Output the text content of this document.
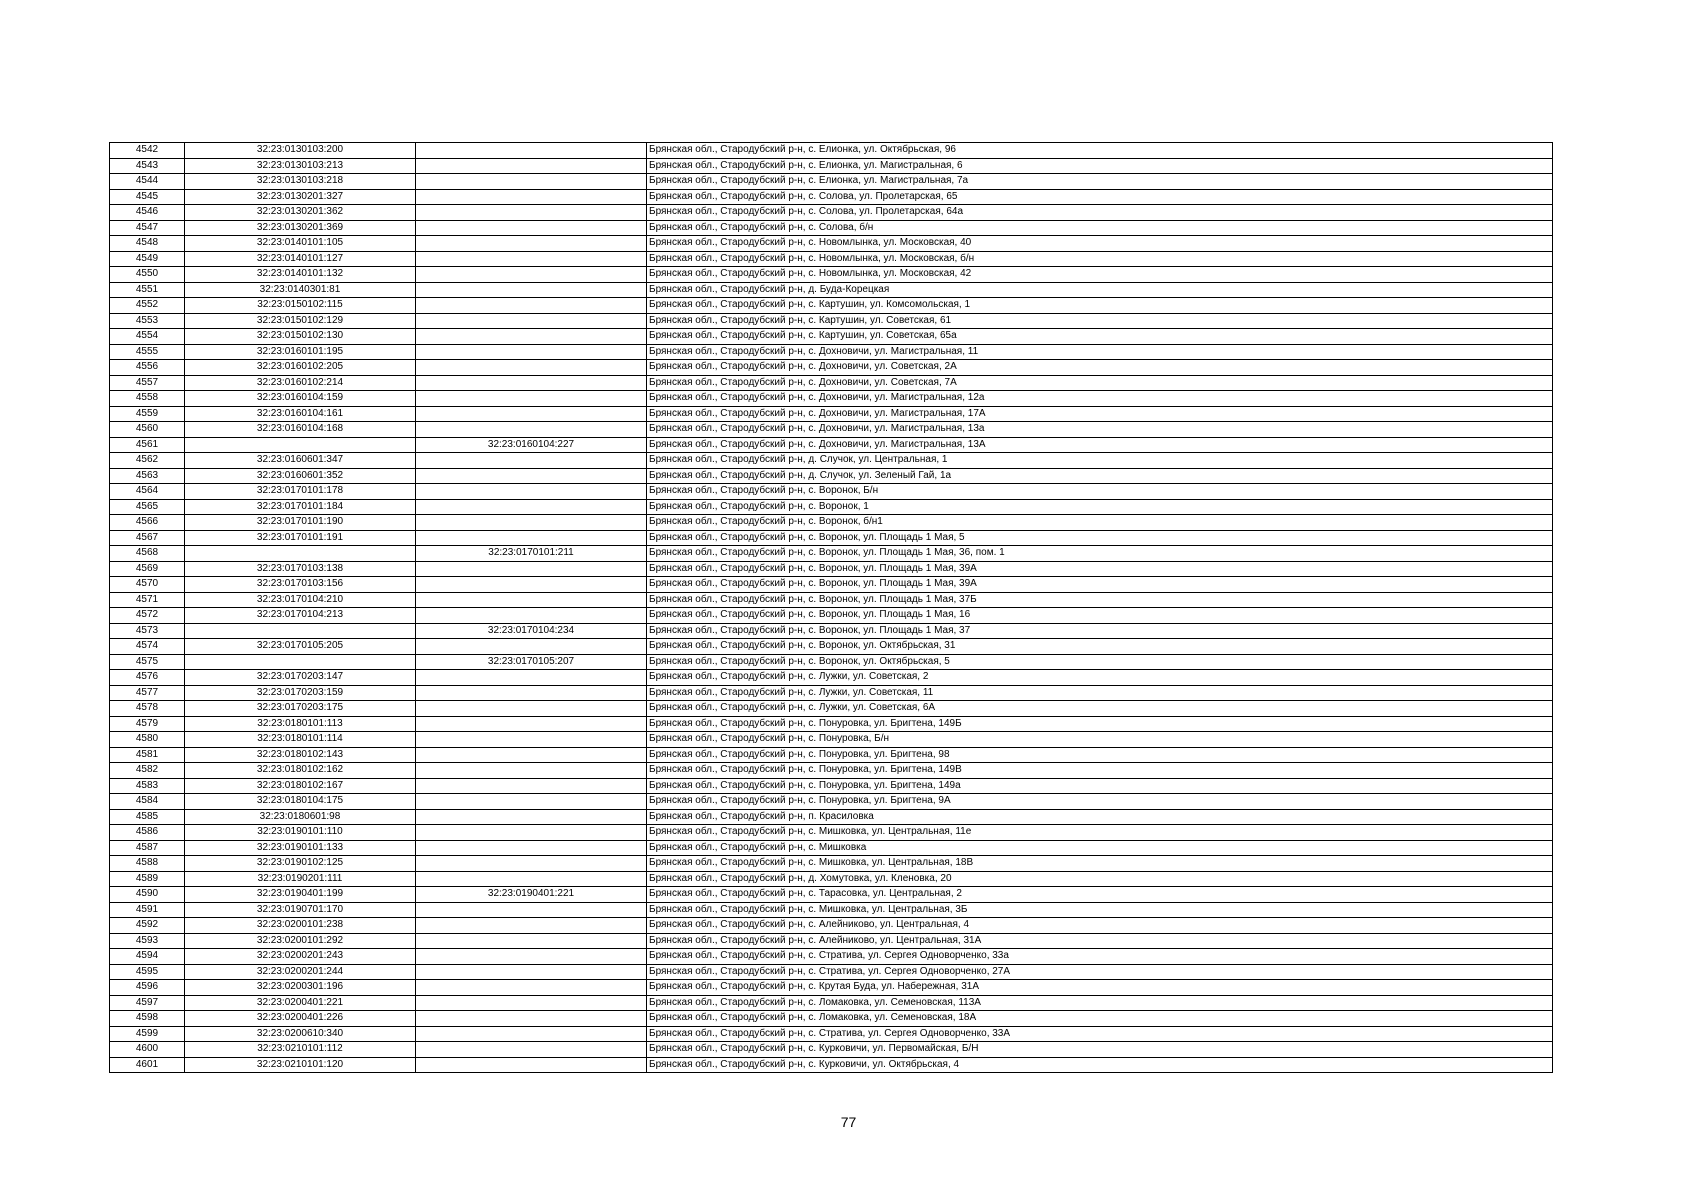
4542	32:23:0130103:200		Брянская обл., Стародубский р-н, с. Елионка, ул. Октябрьская, 96
4543	32:23:0130103:213		Брянская обл., Стародубский р-н, с. Елионка, ул. Магистральная, 6
4544	32:23:0130103:218		Брянская обл., Стародубский р-н, с. Елионка, ул. Магистральная, 7а
4545	32:23:0130201:327		Брянская обл., Стародубский р-н, с. Солова, ул. Пролетарская, 65
4546	32:23:0130201:362		Брянская обл., Стародубский р-н, с. Солова, ул. Пролетарская, 64а
4547	32:23:0130201:369		Брянская обл., Стародубский р-н, с. Солова, б/н
4548	32:23:0140101:105		Брянская обл., Стародубский р-н, с. Новомлынка, ул. Московская, 40
4549	32:23:0140101:127		Брянская обл., Стародубский р-н, с. Новомлынка, ул. Московская, б/н
4550	32:23:0140101:132		Брянская обл., Стародубский р-н, с. Новомлынка, ул. Московская, 42
4551	32:23:0140301:81		Брянская обл., Стародубский р-н, д. Буда-Корецкая
4552	32:23:0150102:115		Брянская обл., Стародубский р-н, с. Картушин, ул. Комсомольская, 1
4553	32:23:0150102:129		Брянская обл., Стародубский р-н, с. Картушин, ул. Советская, 61
4554	32:23:0150102:130		Брянская обл., Стародубский р-н, с. Картушин, ул. Советская, 65а
4555	32:23:0160101:195		Брянская обл., Стародубский р-н, с. Дохновичи, ул. Магистральная, 11
4556	32:23:0160102:205		Брянская обл., Стародубский р-н, с. Дохновичи, ул. Советская, 2А
4557	32:23:0160102:214		Брянская обл., Стародубский р-н, с. Дохновичи, ул. Советская, 7А
4558	32:23:0160104:159		Брянская обл., Стародубский р-н, с. Дохновичи, ул. Магистральная, 12а
4559	32:23:0160104:161		Брянская обл., Стародубский р-н, с. Дохновичи, ул. Магистральная, 17А
4560	32:23:0160104:168		Брянская обл., Стародубский р-н, с. Дохновичи, ул. Магистральная, 13а
4561		32:23:0160104:227	Брянская обл., Стародубский р-н, с. Дохновичи, ул. Магистральная, 13А
4562	32:23:0160601:347		Брянская обл., Стародубский р-н, д. Случок, ул. Центральная, 1
4563	32:23:0160601:352		Брянская обл., Стародубский р-н, д. Случок, ул. Зеленый Гай, 1а
4564	32:23:0170101:178		Брянская обл., Стародубский р-н, с. Воронок, Б/н
4565	32:23:0170101:184		Брянская обл., Стародубский р-н, с. Воронок, 1
4566	32:23:0170101:190		Брянская обл., Стародубский р-н, с. Воронок, б/н1
4567	32:23:0170101:191		Брянская обл., Стародубский р-н, с. Воронок, ул. Площадь 1 Мая, 5
4568		32:23:0170101:211	Брянская обл., Стародубский р-н, с. Воронок, ул. Площадь 1 Мая, 36, пом. 1
4569	32:23:0170103:138		Брянская обл., Стародубский р-н, с. Воронок, ул. Площадь 1 Мая, 39А
4570	32:23:0170103:156		Брянская обл., Стародубский р-н, с. Воронок, ул. Площадь 1 Мая, 39А
4571	32:23:0170104:210		Брянская обл., Стародубский р-н, с. Воронок, ул. Площадь 1 Мая, 37Б
4572	32:23:0170104:213		Брянская обл., Стародубский р-н, с. Воронок, ул. Площадь 1 Мая, 16
4573		32:23:0170104:234	Брянская обл., Стародубский р-н, с. Воронок, ул. Площадь 1 Мая, 37
4574	32:23:0170105:205		Брянская обл., Стародубский р-н, с. Воронок, ул. Октябрьская, 31
4575		32:23:0170105:207	Брянская обл., Стародубский р-н, с. Воронок, ул. Октябрьская, 5
4576	32:23:0170203:147		Брянская обл., Стародубский р-н, с. Лужки, ул. Советская, 2
4577	32:23:0170203:159		Брянская обл., Стародубский р-н, с. Лужки, ул. Советская, 11
4578	32:23:0170203:175		Брянская обл., Стародубский р-н, с. Лужки, ул. Советская, 6А
4579	32:23:0180101:113		Брянская обл., Стародубский р-н, с. Понуровка, ул. Бригтена, 149Б
4580	32:23:0180101:114		Брянская обл., Стародубский р-н, с. Понуровка, Б/н
4581	32:23:0180102:143		Брянская обл., Стародубский р-н, с. Понуровка, ул. Бригтена, 98
4582	32:23:0180102:162		Брянская обл., Стародубский р-н, с. Понуровка, ул. Бригтена, 149В
4583	32:23:0180102:167		Брянская обл., Стародубский р-н, с. Понуровка, ул. Бригтена, 149а
4584	32:23:0180104:175		Брянская обл., Стародубский р-н, с. Понуровка, ул. Бригтена, 9А
4585	32:23:0180601:98		Брянская обл., Стародубский р-н, п. Красиловка
4586	32:23:0190101:110		Брянская обл., Стародубский р-н, с. Мишковка, ул. Центральная, 11е
4587	32:23:0190101:133		Брянская обл., Стародубский р-н, с. Мишковка
4588	32:23:0190102:125		Брянская обл., Стародубский р-н, с. Мишковка, ул. Центральная, 18В
4589	32:23:0190201:111		Брянская обл., Стародубский р-н, д. Хомутовка, ул. Кленовка, 20
4590	32:23:0190401:199	32:23:0190401:221	Брянская обл., Стародубский р-н, с. Тарасовка, ул. Центральная, 2
4591	32:23:0190701:170		Брянская обл., Стародубский р-н, с. Мишковка, ул. Центральная, 3Б
4592	32:23:0200101:238		Брянская обл., Стародубский р-н, с. Алейниково, ул. Центральная, 4
4593	32:23:0200101:292		Брянская обл., Стародубский р-н, с. Алейниково, ул. Центральная, 31А
4594	32:23:0200201:243		Брянская обл., Стародубский р-н, с. Стратива, ул. Сергея Одноворченко, 33а
4595	32:23:0200201:244		Брянская обл., Стародубский р-н, с. Стратива, ул. Сергея Одноворченко, 27А
4596	32:23:0200301:196		Брянская обл., Стародубский р-н, с. Крутая Буда, ул. Набережная, 31А
4597	32:23:0200401:221		Брянская обл., Стародубский р-н, с. Ломаковка, ул. Семеновская, 113А
4598	32:23:0200401:226		Брянская обл., Стародубский р-н, с. Ломаковка, ул. Семеновская, 18А
4599	32:23:0200610:340		Брянская обл., Стародубский р-н, с. Стратива, ул. Сергея Одноворченко, 33А
4600	32:23:0210101:112		Брянская обл., Стародубский р-н, с. Курковичи, ул. Первомайская, Б/Н
4601	32:23:0210101:120		Брянская обл., Стародубский р-н, с. Курковичи, ул. Октябрьская, 4
77
